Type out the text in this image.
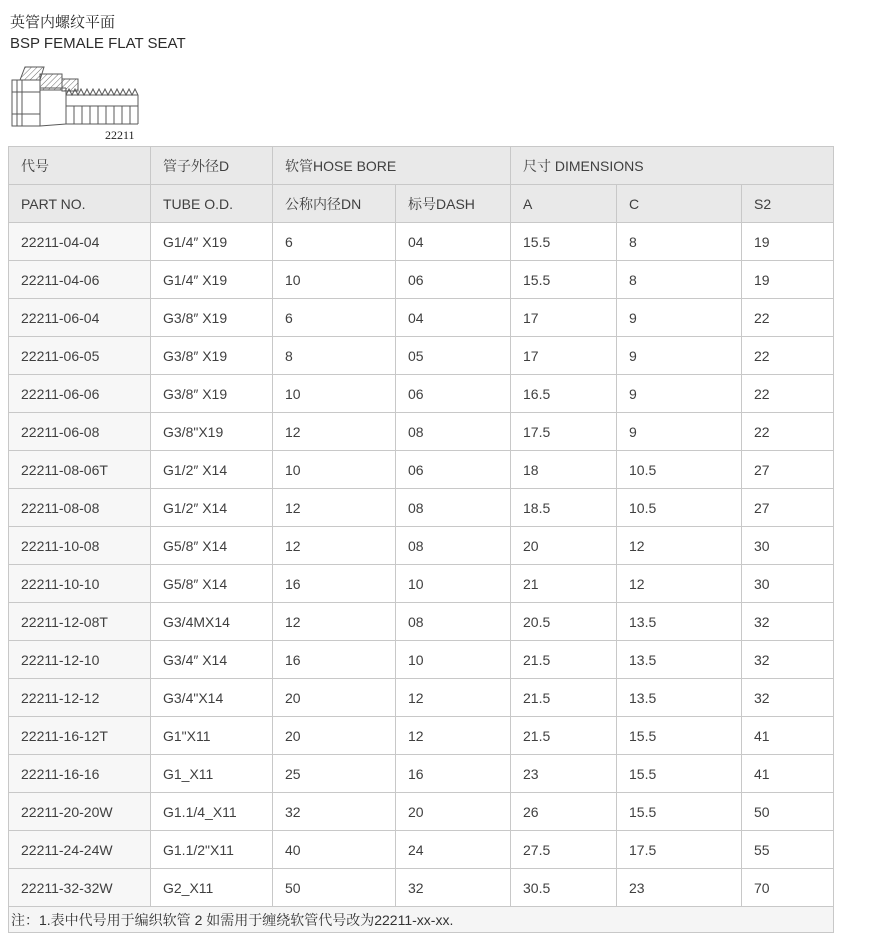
英管内螺纹平面
BSP FEMALE FLAT SEAT
22211
代号	管子外径D	软管HOSE BORE		尺寸 DIMENSIONS		
PART NO.	TUBE O.D.	公称内径DN	标号DASH	A	C	S2
22211-04-04	G1/4″ X19	6	04	15.5	8	19
22211-04-06	G1/4″ X19	10	06	15.5	8	19
22211-06-04	G3/8″ X19	6	04	17	9	22
22211-06-05	G3/8″ X19	8	05	17	9	22
22211-06-06	G3/8″ X19	10	06	16.5	9	22
22211-06-08	G3/8"X19	12	08	17.5	9	22
22211-08-06T	G1/2″ X14	10	06	18	10.5	27
22211-08-08	G1/2″ X14	12	08	18.5	10.5	27
22211-10-08	G5/8″ X14	12	08	20	12	30
22211-10-10	G5/8″ X14	16	10	21	12	30
22211-12-08T	G3/4MX14	12	08	20.5	13.5	32
22211-12-10	G3/4″ X14	16	10	21.5	13.5	32
22211-12-12	G3/4"X14	20	12	21.5	13.5	32
22211-16-12T	G1"X11	20	12	21.5	15.5	41
22211-16-16	G1_X11	25	16	23	15.5	41
22211-20-20W	G1.1/4_X11	32	20	26	15.5	50
22211-24-24W	G1.1/2"X11	40	24	27.5	17.5	55
22211-32-32W	G2_X11	50	32	30.5	23	70
注：1.表中代号用于编织软管 2 如需用于缠绕软管代号改为22211-xx-xx.						
